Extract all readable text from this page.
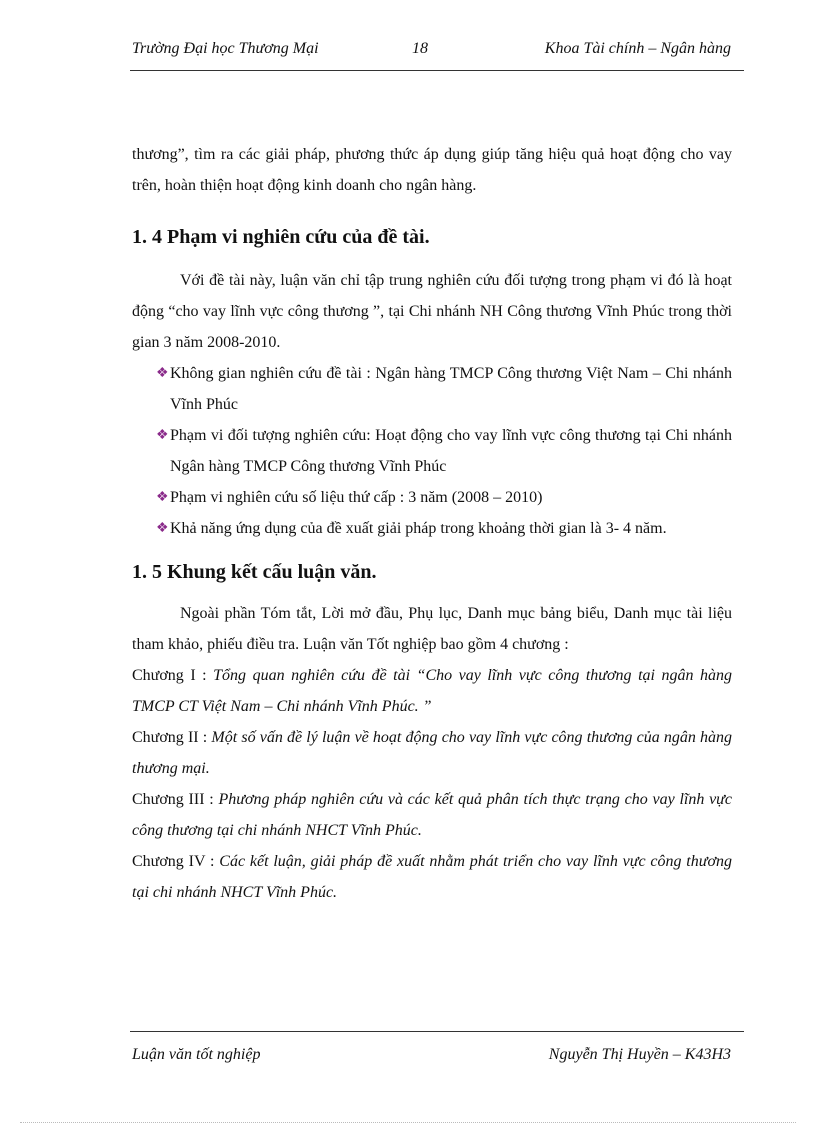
Trường Đại học Thương Mại	18	Khoa Tài chính – Ngân hàng

thương”, tìm ra các giải pháp, phương thức áp dụng giúp tăng hiệu quả hoạt động cho vay trên, hoàn thiện hoạt động kinh doanh cho ngân hàng.

1. 4 Phạm vi nghiên cứu của đề tài.

Với đề tài này, luận văn chỉ tập trung nghiên cứu đối tượng trong phạm vi đó là hoạt động “cho vay lĩnh vực công thương ”, tại Chi nhánh NH Công thương Vĩnh Phúc trong thời gian 3 năm 2008-2010.

❖ Không gian nghiên cứu đề tài : Ngân hàng TMCP Công thương Việt Nam – Chi nhánh Vĩnh Phúc
❖ Phạm vi đối tượng nghiên cứu: Hoạt động cho vay lĩnh vực công thương tại Chi nhánh Ngân hàng TMCP Công thương Vĩnh Phúc
❖ Phạm vi nghiên cứu số liệu thứ cấp : 3 năm (2008 – 2010)
❖ Khả năng ứng dụng của đề xuất giải pháp trong khoảng thời gian là 3- 4 năm.
1. 5 Khung kết cấu luận văn.

Ngoài phần Tóm tắt, Lời mở đầu, Phụ lục, Danh mục bảng biểu, Danh mục tài liệu tham khảo, phiếu điều tra. Luận văn Tốt nghiệp bao gồm 4 chương :

Chương I : Tổng quan nghiên cứu đề tài “Cho vay lĩnh vực công thương tại ngân hàng TMCP CT Việt Nam – Chi nhánh Vĩnh Phúc. ”

Chương II : Một số vấn đề lý luận về hoạt động cho vay lĩnh vực công thương của ngân hàng thương mại.

Chương III : Phương pháp nghiên cứu và các kết quả phân tích thực trạng cho vay lĩnh vực công thương tại chi nhánh NHCT Vĩnh Phúc.

Chương IV : Các kết luận, giải pháp đề xuất nhằm phát triển cho vay lĩnh vực công thương tại chi nhánh NHCT Vĩnh Phúc.

Luận văn tốt nghiệp	Nguyễn Thị Huyền – K43H3
